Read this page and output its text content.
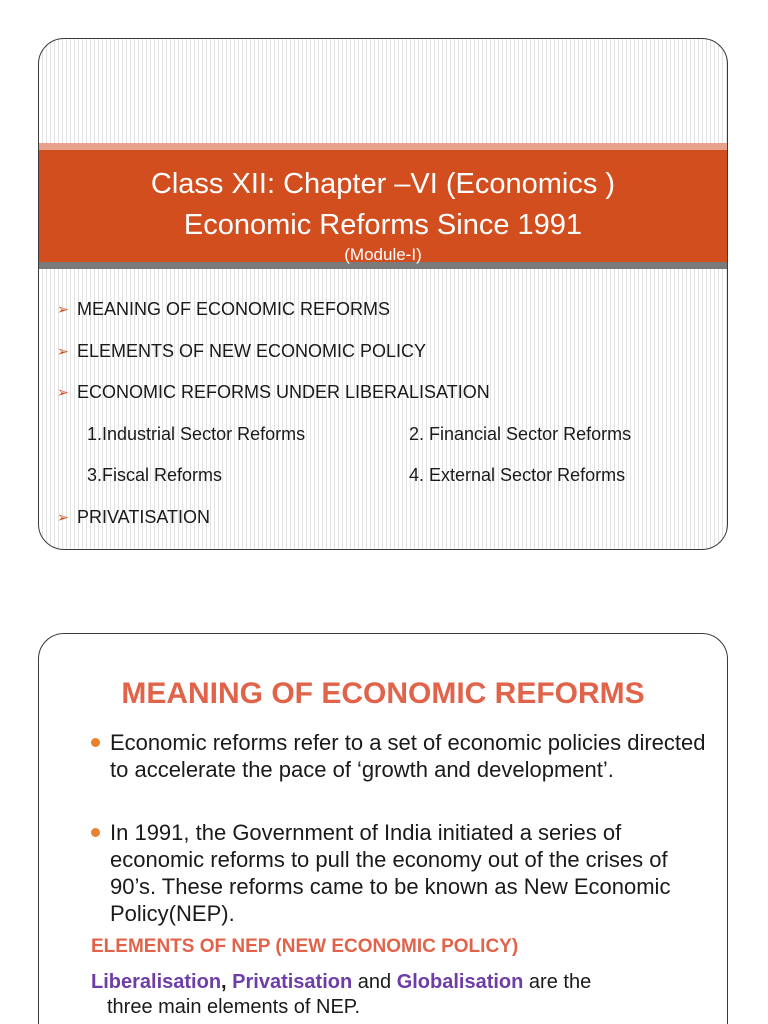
Class XII: Chapter –VI (Economics )
Economic Reforms Since 1991
(Module-I)
➢ MEANING OF ECONOMIC REFORMS
➢ ELEMENTS OF NEW ECONOMIC POLICY
➢ ECONOMIC REFORMS UNDER LIBERALISATION
1.Industrial Sector Reforms	2. Financial Sector Reforms
3.Fiscal Reforms	4. External Sector Reforms
➢ PRIVATISATION
MEANING OF ECONOMIC REFORMS
Economic reforms refer to a set of economic policies directed to accelerate the pace of ‘growth and development’.
In 1991, the Government of India initiated a series of economic reforms to pull the economy out of the crises of 90’s. These reforms came to be known as New Economic Policy(NEP).
ELEMENTS OF NEP (NEW ECONOMIC POLICY)
Liberalisation, Privatisation and Globalisation are the
three main elements of NEP.
